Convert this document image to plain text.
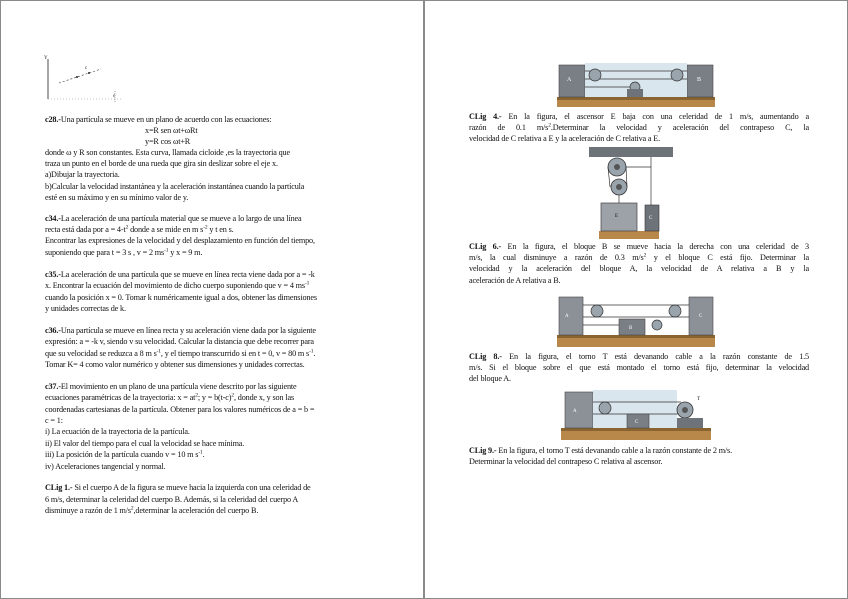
Y
c
c
c28.-Una partícula se mueve en un plano de acuerdo con las ecuaciones:
x=R sen ωt+ωRt
y=R cos ωt+R
donde ω y R son constantes. Esta curva, llamada cicloide ,es la trayectoria que
traza un punto en el borde de una rueda que gira sin deslizar sobre el eje x.
a)Dibujar la trayectoria.
b)Calcular la velocidad instantánea y la aceleración instantánea cuando la partícula
esté en su máximo y en su mínimo valor de y.
c34.-La aceleración de una partícula material que se mueve a lo largo de una línea
recta está dada por $a = 4-t^2$ donde a se mide en m $s^{-2}$ y t en s.
Encontrar las expresiones de la velocidad y del desplazamiento en función del tiempo,
suponiendo que para t = 3 s , v = 2 $ms^{-1}$ y x = 9 m.
c35.-La aceleración de una partícula que se mueve en línea recta viene dada por a = -k
x. Encontrar la ecuación del movimiento de dicho cuerpo suponiendo que v = 4 $ms^{-1}$
cuando la posición x = 0. Tomar k numéricamente igual a dos, obtener las dimensiones
y unidades correctas de k.
c36.-Una partícula se mueve en línea recta y su aceleración viene dada por la siguiente
expresión: a = -k v, siendo v su velocidad. Calcular la distancia que debe recorrer para
que su velocidad se reduzca a 8 m $s^{-1}$, y el tiempo transcurrido si en t = 0, v = 80 m $s^{-1}$.
Tomar K= 4 como valor numérico y obtener sus dimensiones y unidades correctas.
c37.-El movimiento en un plano de una partícula viene descrito por las siguiente
ecuaciones paramétricas de la trayectoria: $x = at^2$; $y = b(t-c)^2$, donde x, y son las
coordenadas cartesianas de la partícula. Obtener para los valores numéricos de a = b =
c = 1:
i) La ecuación de la trayectoria de la partícula.
ii) El valor del tiempo para el cual la velocidad se hace mínima.
iii) La posición de la partícula cuando v = 10 m $s^{-1}$.
iv) Aceleraciones tangencial y normal.
CLig 1.- Si el cuerpo A de la figura se mueve hacia la izquierda con una celeridad de
6 m/s, determinar la celeridad del cuerpo B. Además, si la celeridad del cuerpo A
disminuye a razón de 1 $m/s^2,determinar$ la aceleración del cuerpo B.
A	B
CLig 4.- En la figura, el ascensor E baja con una celeridad de 1 m/s, aumentando a
razón de 0.1 $m/s^2.Determinar$ la velocidad y aceleración del contrapeso C, la
velocidad de C relativa a E y la aceleración de C relativa a E.
E	C
CLig 6.- En la figura, el bloque B se mueve hacia la derecha con una celeridad de 3
m/s, la cual disminuye a razón de 0.3 $m/s^2$ y el bloque C está fijo. Determinar la
velocidad y la aceleración del bloque A, la velocidad de A relativa a B y la
aceleración de A relativa a B.
A
B
C
CLig 8.- En la figura, el torno T está devanando cable a la razón constante de 1.5
m/s. Si el bloque sobre el que está montado el torno está fijo, determinar la velocidad
del bloque A.
A
C
T
CLig 9.- En la figura, el torno T está devanando cable a la razón constante de 2 m/s.
Determinar la velocidad del contrapeso C relativa al ascensor.
